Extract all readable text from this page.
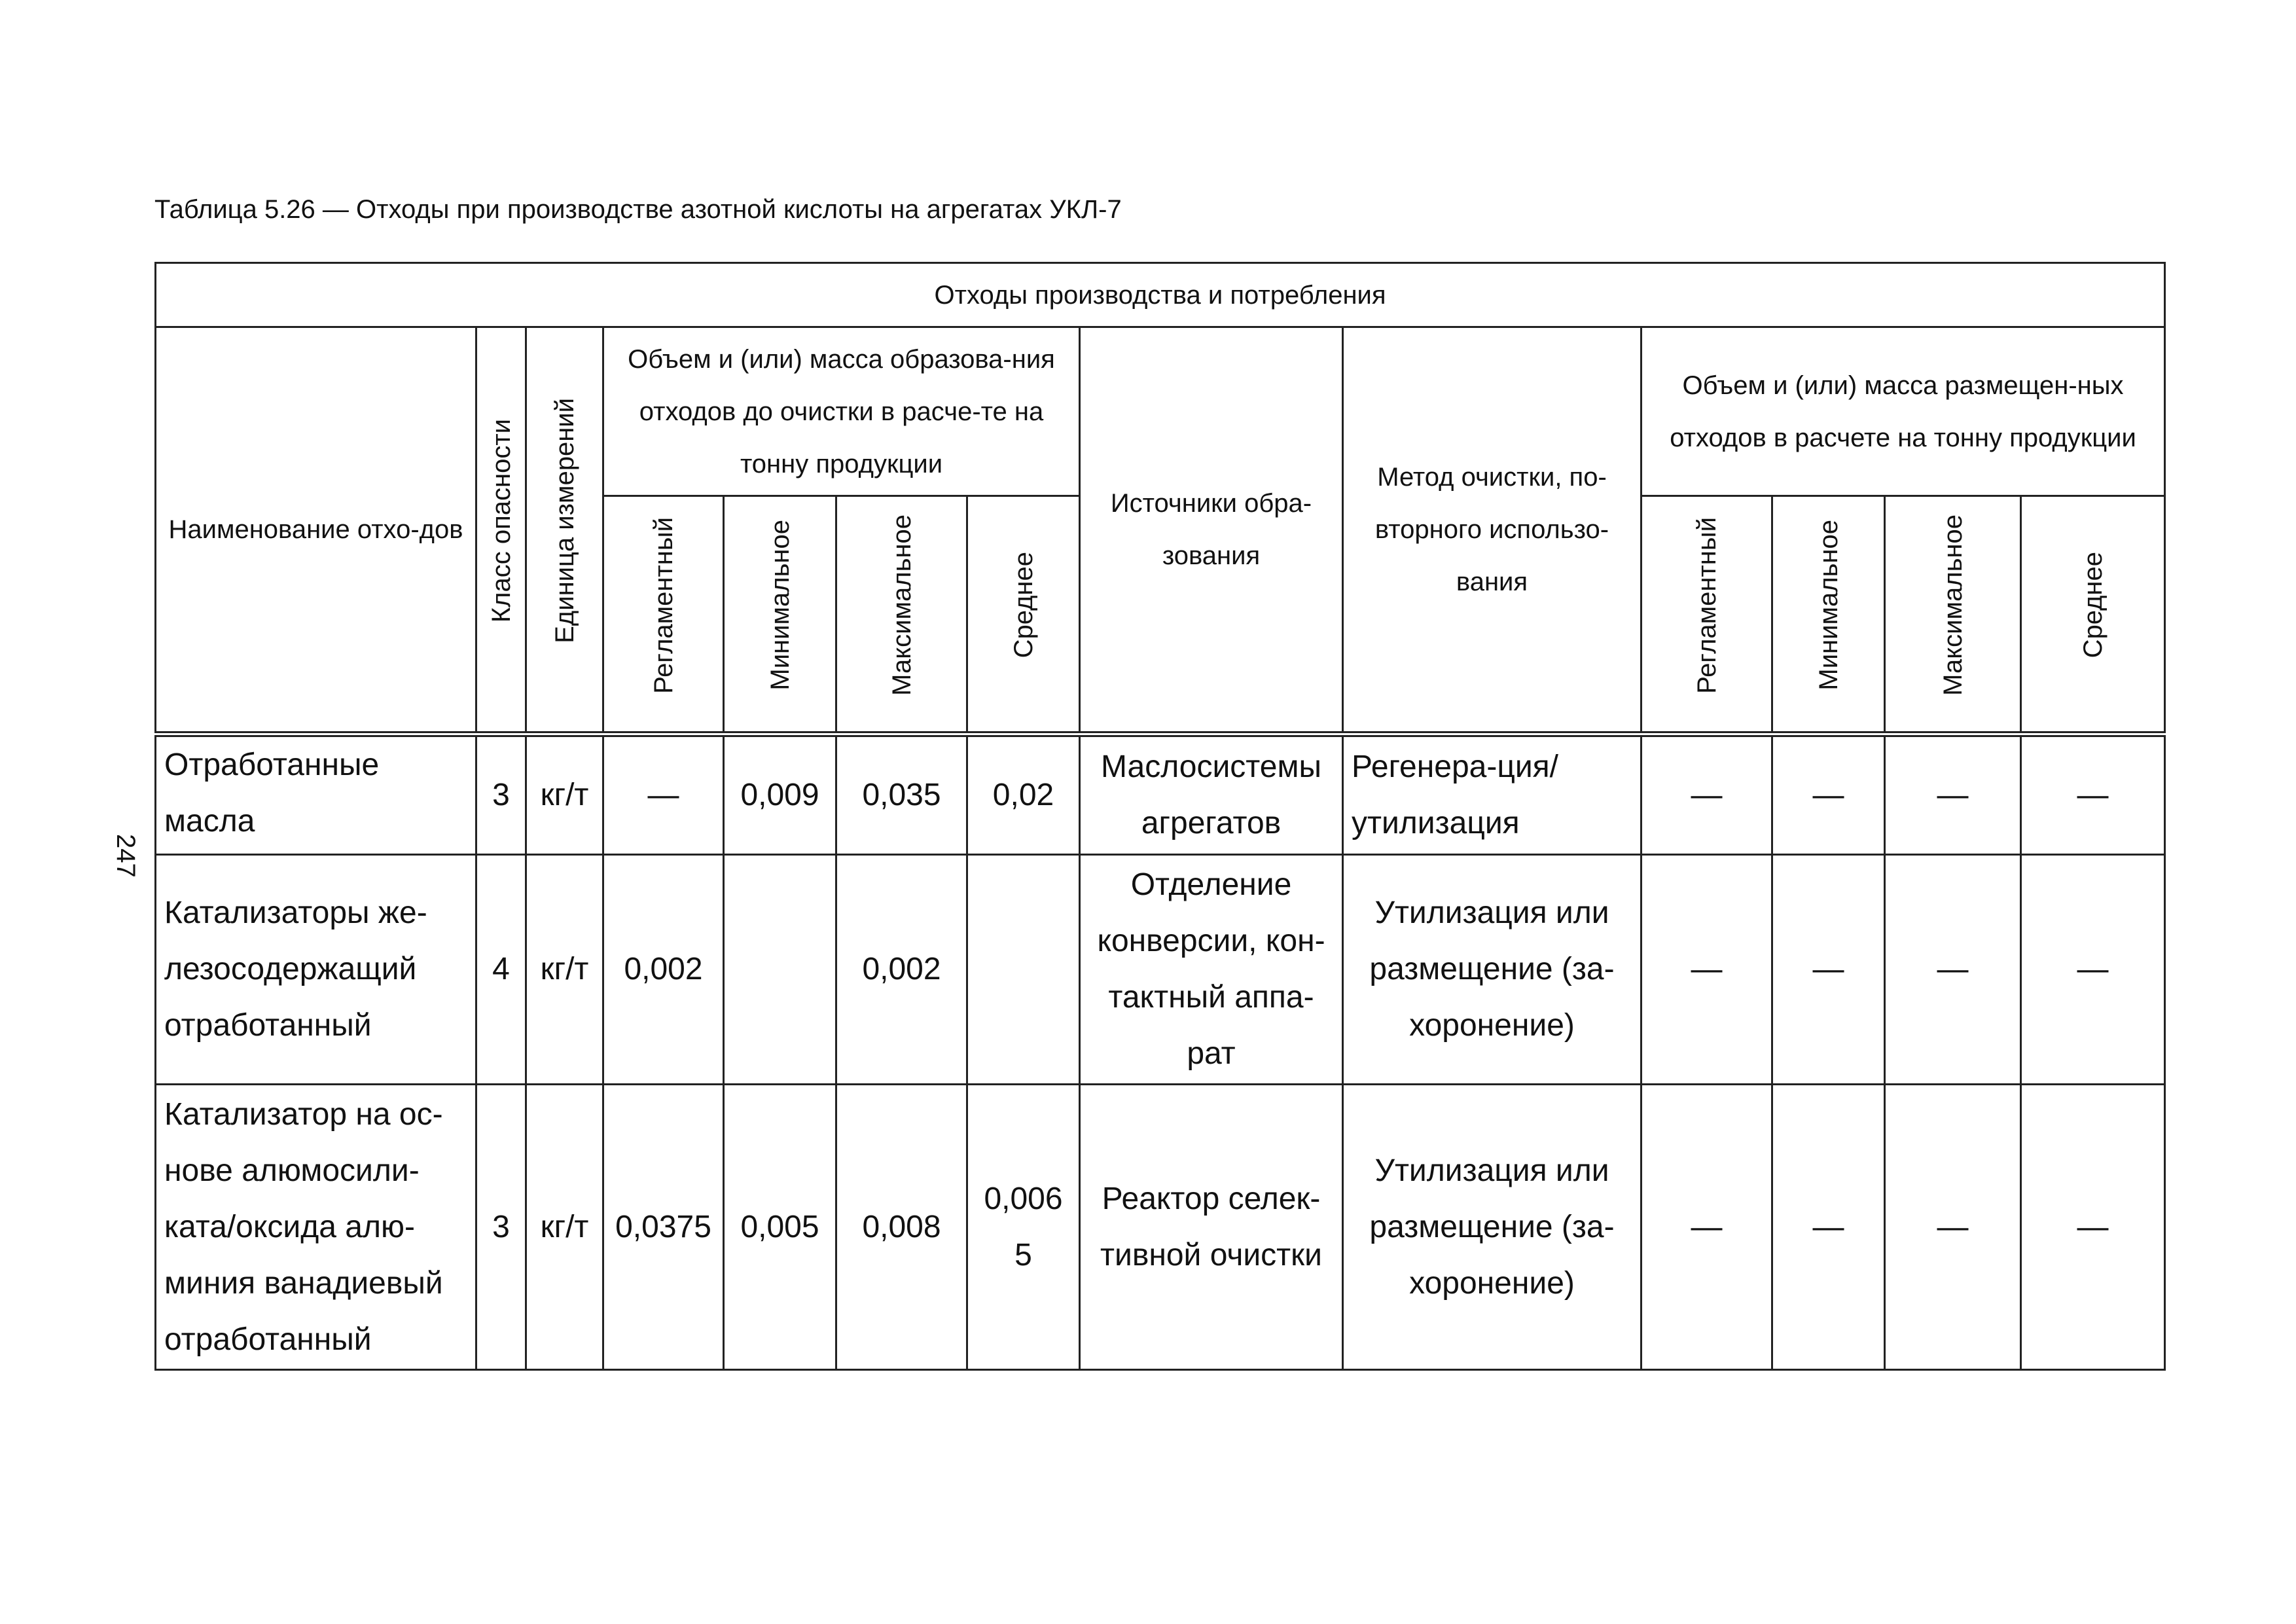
Таблица 5.26 — Отходы при производстве азотной кислоты на агрегатах УКЛ-7
247
Отходы производства и потребления												
Наименование отхо-дов	Класс опасности	Единица измерений	Объем и (или) масса образова-ния отходов до очистки в расче-те на тонну продукции				Источники обра-зования	Метод очистки, по-вторного использо-вания	Объем и (или) масса размещен-ных отходов в расчете на тонну продукции			
			Регламентный	Минимальное	Максимальное	Среднее			Регламентный	Минимальное	Максимальное	Среднее
Отработанные масла	3	кг/т	—	0,009	0,035	0,02	Маслосистемы агрегатов	Регенера-ция/утилизация	—	—	—	—
Катализаторы же-лезосодержащий отработанный	4	кг/т	0,002		0,002		Отделение конверсии, кон-тактный аппа-рат	Утилизация или размещение (за-хоронение)	—	—	—	—
Катализатор на ос-нове алюмосили-ката/оксида алю-миния ванадиевый отработанный	3	кг/т	0,0375	0,005	0,008	0,006 5	Реактор селек-тивной очистки	Утилизация или размещение (за-хоронение)	—	—	—	—
